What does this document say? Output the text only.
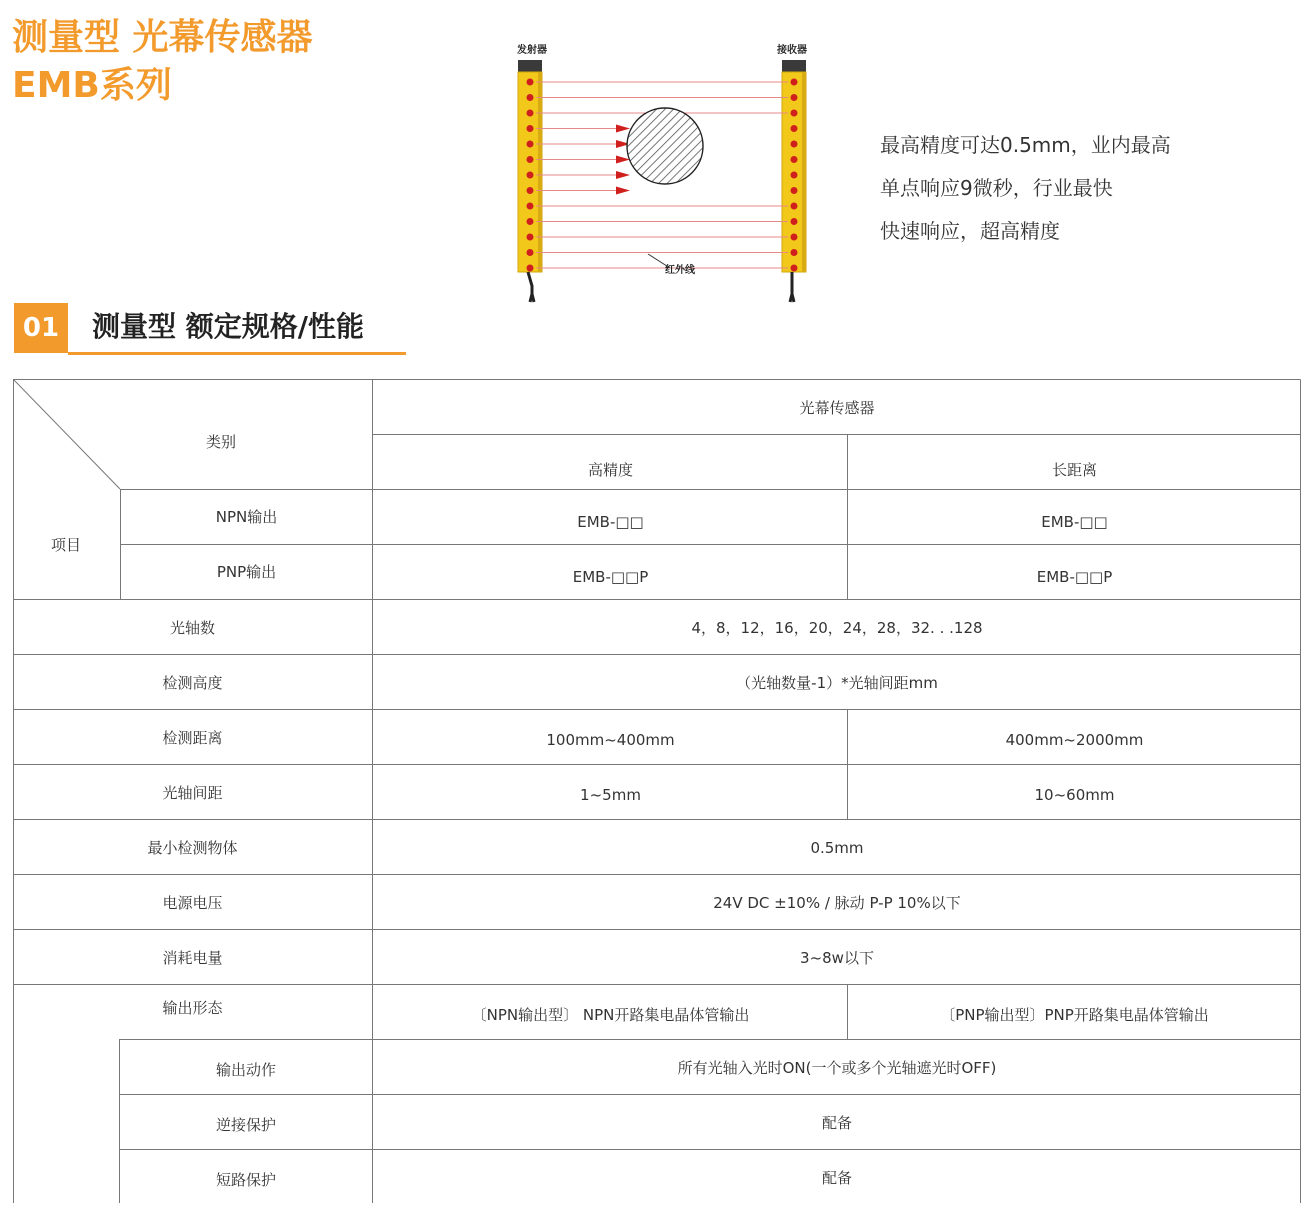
测量型 光幕传感器
EMB系列
发射器	接收器
红外线
最高精度可达0.5mm，业内最高
单点响应9微秒，行业最快
快速响应，超高精度
01	测量型 额定规格/性能
类别
项目
光幕传感器
高精度	长距离
NPN输出	EMB-□□	EMB-□□
PNP输出	EMB-□□P	EMB-□□P
光轴数	4，8，12，16，20，24，28，32. . .128
检测高度	（光轴数量-1）*光轴间距mm
检测距离	100mm~400mm	400mm~2000mm
光轴间距	1~5mm	10~60mm
最小检测物体	0.5mm
电源电压	24V DC ±10% / 脉动 P-P 10%以下
消耗电量	3~8w以下
输出形态	〔NPN输出型〕 NPN开路集电晶体管输出	〔PNP输出型〕PNP开路集电晶体管输出
输出动作	所有光轴入光时ON(一个或多个光轴遮光时OFF)
逆接保护	配备
短路保护	配备
